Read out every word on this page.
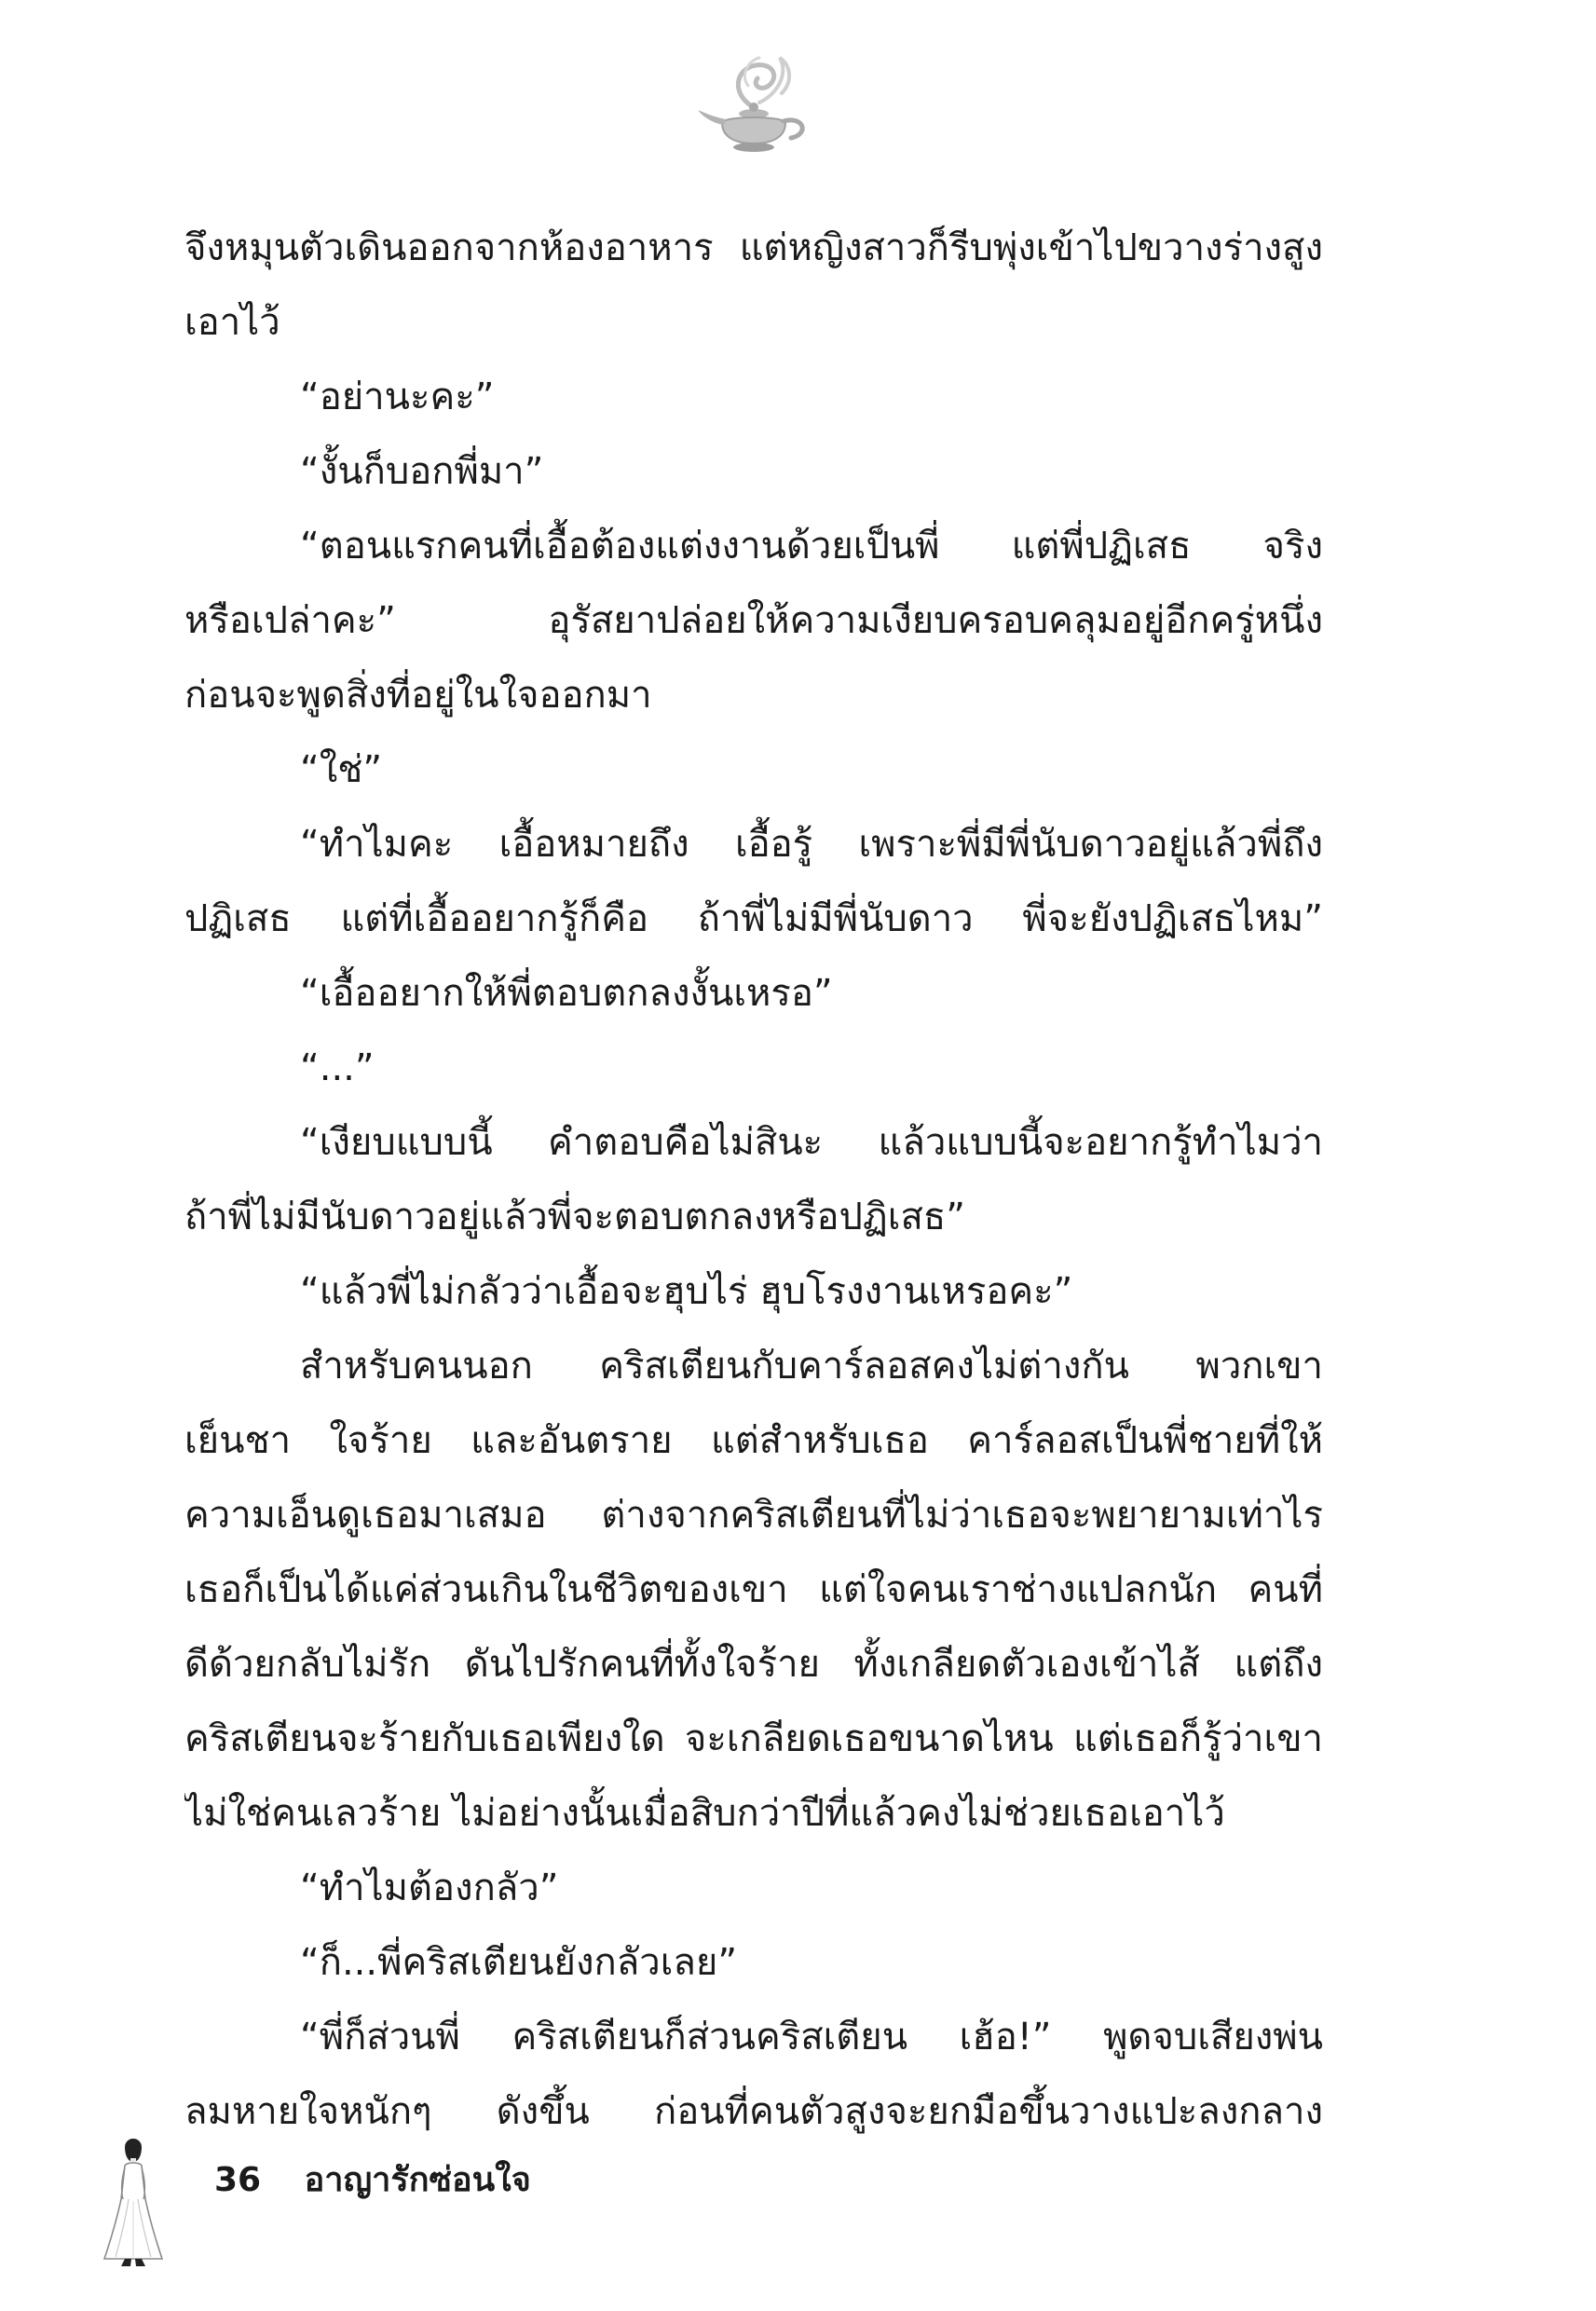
จึงหมุนตัวเดินออกจากห้องอาหาร แต่หญิงสาวก็รีบพุ่งเข้าไปขวางร่างสูง
เอาไว้
“อย่านะคะ”
“งั้นก็บอกพี่มา”
“ตอนแรกคนที่เอื้อต้องแต่งงานด้วยเป็นพี่ แต่พี่ปฏิเสธ จริง
หรือเปล่าคะ” อุรัสยาปล่อยให้ความเงียบครอบคลุมอยู่อีกครู่หนึ่ง
ก่อนจะพูดสิ่งที่อยู่ในใจออกมา
“ใช่”
“ทำไมคะ เอื้อหมายถึง เอื้อรู้ เพราะพี่มีพี่นับดาวอยู่แล้วพี่ถึง
ปฏิเสธ แต่ที่เอื้ออยากรู้ก็คือ ถ้าพี่ไม่มีพี่นับดาว พี่จะยังปฏิเสธไหม”
“เอื้ออยากให้พี่ตอบตกลงงั้นเหรอ”
“...”
“เงียบแบบนี้ คำตอบคือไม่สินะ แล้วแบบนี้จะอยากรู้ทำไมว่า
ถ้าพี่ไม่มีนับดาวอยู่แล้วพี่จะตอบตกลงหรือปฏิเสธ”
“แล้วพี่ไม่กลัวว่าเอื้อจะฮุบไร่ ฮุบโรงงานเหรอคะ”
สำหรับคนนอก คริสเตียนกับคาร์ลอสคงไม่ต่างกัน พวกเขา
เย็นชา ใจร้าย และอันตราย แต่สำหรับเธอ คาร์ลอสเป็นพี่ชายที่ให้
ความเอ็นดูเธอมาเสมอ ต่างจากคริสเตียนที่ไม่ว่าเธอจะพยายามเท่าไร
เธอก็เป็นได้แค่ส่วนเกินในชีวิตของเขา แต่ใจคนเราช่างแปลกนัก คนที่
ดีด้วยกลับไม่รัก ดันไปรักคนที่ทั้งใจร้าย ทั้งเกลียดตัวเองเข้าไส้ แต่ถึง
คริสเตียนจะร้ายกับเธอเพียงใด จะเกลียดเธอขนาดไหน แต่เธอก็รู้ว่าเขา
ไม่ใช่คนเลวร้าย ไม่อย่างนั้นเมื่อสิบกว่าปีที่แล้วคงไม่ช่วยเธอเอาไว้
“ทำไมต้องกลัว”
“ก็...พี่คริสเตียนยังกลัวเลย”
“พี่ก็ส่วนพี่ คริสเตียนก็ส่วนคริสเตียน เฮ้อ!” พูดจบเสียงพ่น
ลมหายใจหนักๆ ดังขึ้น ก่อนที่คนตัวสูงจะยกมือขึ้นวางแปะลงกลาง
36 อาญารักซ่อนใจ
